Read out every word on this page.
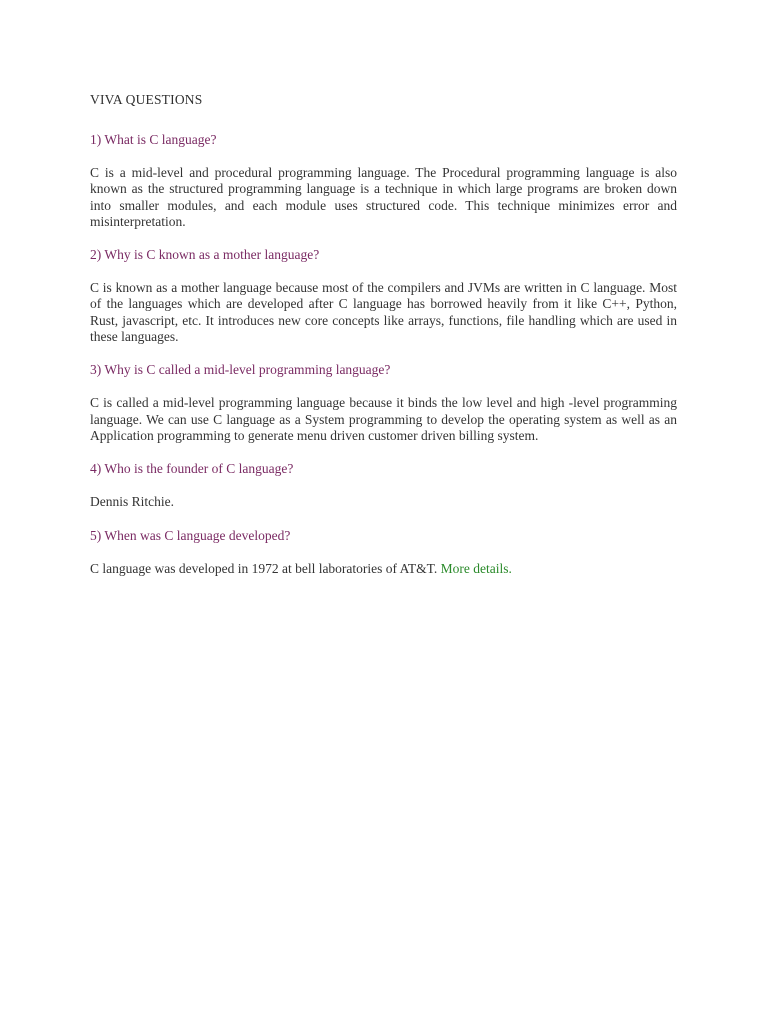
VIVA QUESTIONS

1) What is C language?

C is a mid-level and procedural programming language. The Procedural programming language is also known as the structured programming language is a technique in which large programs are broken down into smaller modules, and each module uses structured code. This technique minimizes error and misinterpretation.

2) Why is C known as a mother language?

C is known as a mother language because most of the compilers and JVMs are written in C language. Most of the languages which are developed after C language has borrowed heavily from it like C++, Python, Rust, javascript, etc. It introduces new core concepts like arrays, functions, file handling which are used in these languages.

3) Why is C called a mid-level programming language?

C is called a mid-level programming language because it binds the low level and high -level programming language. We can use C language as a System programming to develop the operating system as well as an Application programming to generate menu driven customer driven billing system.

4) Who is the founder of C language?

Dennis Ritchie.

5) When was C language developed?

C language was developed in 1972 at bell laboratories of AT&T. More details.
